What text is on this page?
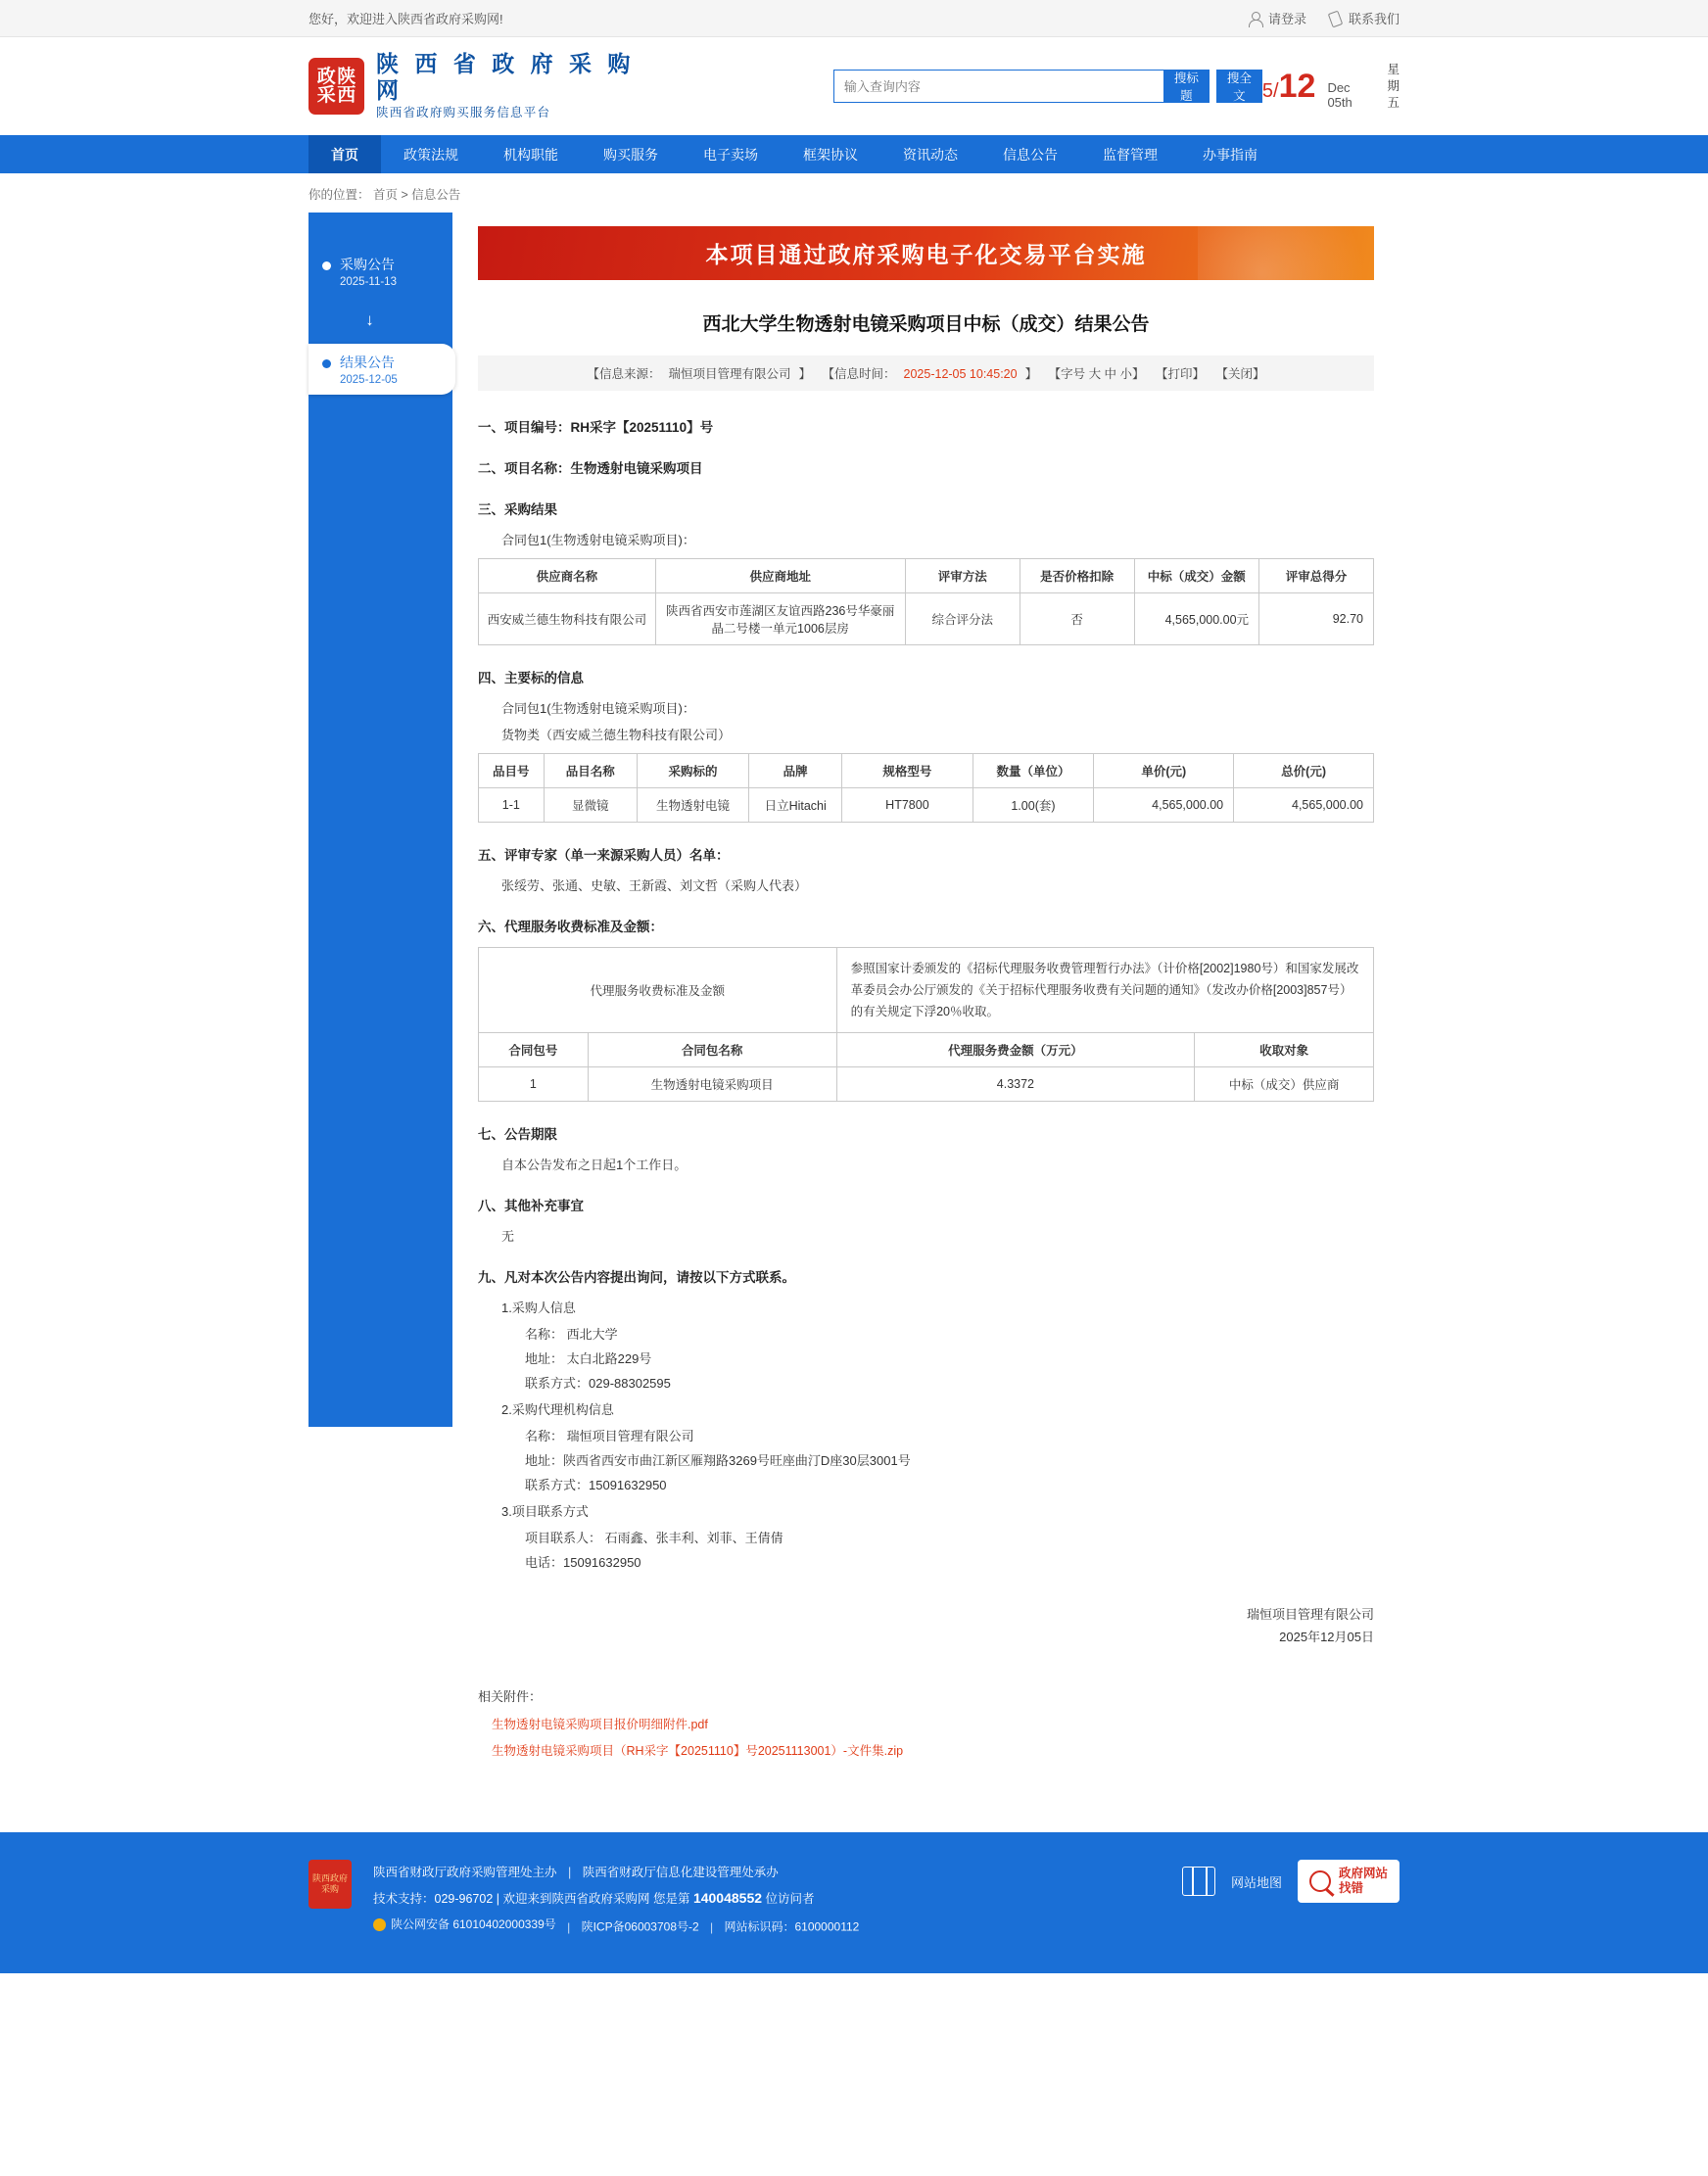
您好，欢迎进入陕西省政府采购网!	请登录	联系我们
政 陕
采 西
陕 西 省 政 府 采 购 网
陕西省政府购买服务信息平台
输入查询内容
搜标题
搜全文 5/12 Dec 05th
星
期
五
首页	政策法规	机构职能	购买服务	电子卖场	框架协议	资讯动态	信息公告	监督管理	办事指南
你的位置： 首页 > 信息公告
采购公告
2025-11-13
↓
结果公告
2025-12-05
本项目通过政府采购电子化交易平台实施
西北大学生物透射电镜采购项目中标（成交）结果公告
【信息来源： 瑞恒项目管理有限公司 】 【信息时间： 2025-12-05 10:45:20 】 【字号 大 中 小】 【打印】 【关闭】
一、项目编号：RH采字【20251110】号
二、项目名称：生物透射电镜采购项目
三、采购结果
合同包1(生物透射电镜采购项目)：
供应商名称	供应商地址	评审方法	是否价格扣除	中标（成交）金额	评审总得分
西安威兰德生物科技有限公司	陕西省西安市莲湖区友谊西路236号华豪丽晶二号楼一单元1006层房	综合评分法	否	4,565,000.00元	92.70
四、主要标的信息
合同包1(生物透射电镜采购项目)：
货物类（西安威兰德生物科技有限公司）
品目号	品目名称	采购标的	品牌	规格型号	数量（单位）	单价(元)	总价(元)
1-1	显微镜	生物透射电镜	日立Hitachi	HT7800	1.00(套)	4,565,000.00	4,565,000.00
五、评审专家（单一来源采购人员）名单：
张绥劳、张通、史敏、王新霞、刘文哲（采购人代表）
六、代理服务收费标准及金额：
代理服务收费标准及金额		参照国家计委颁发的《招标代理服务收费管理暂行办法》（计价格[2002]1980号）和国家发展改革委员会办公厅颁发的《关于招标代理服务收费有关问题的通知》（发改办价格[2003]857号）的有关规定下浮20％收取。	
合同包号	合同包名称	代理服务费金额（万元）	收取对象
1	生物透射电镜采购项目	4.3372	中标（成交）供应商
七、公告期限
自本公告发布之日起1个工作日。
八、其他补充事宜
无
九、凡对本次公告内容提出询问，请按以下方式联系。
1.采购人信息
名称： 西北大学
地址： 太白北路229号
联系方式：029-88302595
2.采购代理机构信息
名称： 瑞恒项目管理有限公司
地址：陕西省西安市曲江新区雁翔路3269号旺座曲汀D座30层3001号
联系方式：15091632950
3.项目联系方式
项目联系人： 石雨鑫、张丰利、刘菲、王倩倩
电话：15091632950
瑞恒项目管理有限公司
2025年12月05日
相关附件：
生物透射电镜采购项目报价明细附件.pdf
生物透射电镜采购项目（RH采字【20251110】号20251113001）-文件集.zip
陕西政府采购
陕西省财政厅政府采购管理处主办 | 陕西省财政厅信息化建设管理处承办
技术支持：029-96702 | 欢迎来到陕西省政府采购网 您是第 140048552 位访问者
陕公网安备 61010402000339号 | 陕ICP备06003708号-2 | 网站标识码：6100000112
网站地图
政府网站
找错
